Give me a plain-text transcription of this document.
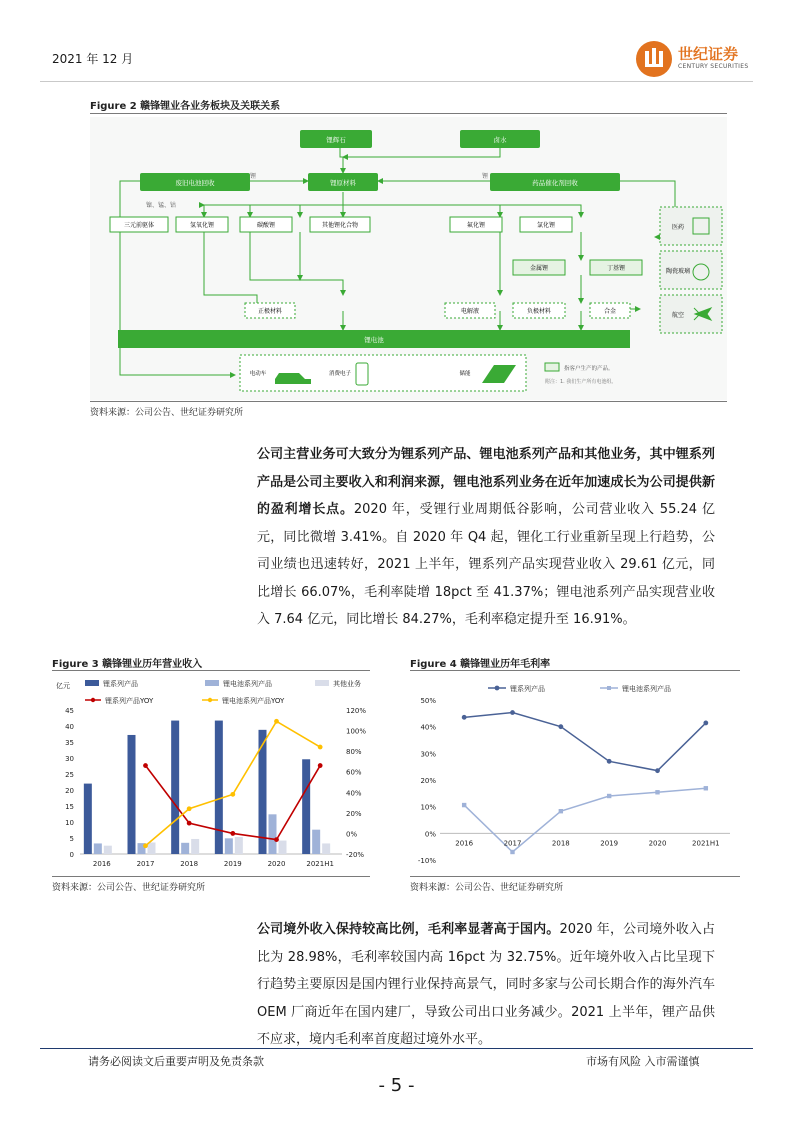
2021 年 12 月	世纪证券
CENTURY SECURITIES
Figure 2 赣锋锂业各业务板块及关联关系
锂原材料
废旧电池回收	药品催化剂回收
锂辉石	卤水
三元前驱体	氢氧化锂	碳酸锂	其他锂化合物	氟化锂	氯化锂
金属锂	丁基锂
正极材料	电解液	负极材料	合金
锂电池
锂	锂
镍、锰、钴
医药
陶瓷玻璃
航空
电动车	消费电子	储能
指客户生产的产品。
附注：1. 我们生产所有电池组。
资料来源：公司公告、世纪证券研究所
公司主营业务可大致分为锂系列产品、锂电池系列产品和其他业务，其中锂系列产品是公司主要收入和利润来源，锂电池系列业务在近年加速成长为公司提供新的盈利增长点。2020 年，受锂行业周期低谷影响，公司营业收入 55.24 亿元，同比微增 3.41%。自 2020 年 Q4 起，锂化工行业重新呈现上行趋势，公司业绩也迅速转好，2021 上半年，锂系列产品实现营业收入 29.61 亿元，同比增长 66.07%，毛利率陡增 18pct 至 41.37%；锂电池系列产品实现营业收入 7.64 亿元，同比增长 84.27%，毛利率稳定提升至 16.91%。
Figure 3 赣锋锂业历年营业收入	Figure 4 赣锋锂业历年毛利率
锂系列产品	锂电池系列产品	其他业务
锂系列产品YOY	锂电池系列产品YOY
亿元
0
5
10
15
20
25
30
35
40
45
-20%
0%
20%
40%
60%
80%
100%
120%
2016	2017	2018	2019	2020	2021H1
锂系列产品	锂电池系列产品
-10%
0%
10%
20%
30%
40%
50%
2016	2017	2018	2019	2020	2021H1
资料来源：公司公告、世纪证券研究所	资料来源：公司公告、世纪证券研究所
公司境外收入保持较高比例，毛利率显著高于国内。2020 年，公司境外收入占比为 28.98%，毛利率较国内高 16pct 为 32.75%。近年境外收入占比呈现下行趋势主要原因是国内锂行业保持高景气，同时多家与公司长期合作的海外汽车 OEM 厂商近年在国内建厂，导致公司出口业务减少。2021 上半年，锂产品供不应求，境内毛利率首度超过境外水平。
请务必阅读文后重要声明及免责条款	市场有风险 入市需谨慎
- 5 -
